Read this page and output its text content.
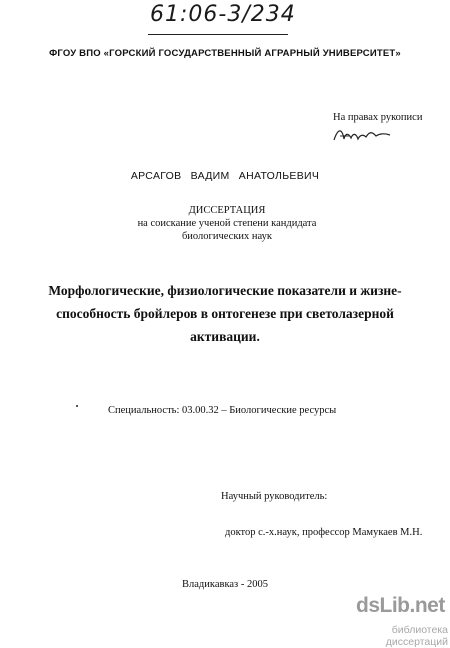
61:06-3/234
ФГОУ ВПО «ГОРСКИЙ ГОСУДАРСТВЕННЫЙ АГРАРНЫЙ УНИВЕРСИТЕТ»
На правах рукописи
АРСАГОВ ВАДИМ АНАТОЛЬЕВИЧ
ДИССЕРТАЦИЯ
на соискание ученой степени кандидата
биологических наук
Морфологические, физиологические показатели и жизне-
способность бройлеров в онтогенезе при светолазерной
активации.
Специальность: 03.00.32 – Биологические ресурсы
Научный руководитель:
доктор с.-х.наук, профессор Мамукаев М.Н.
Владикавказ - 2005
dsLib.net
библиотека диссертаций
